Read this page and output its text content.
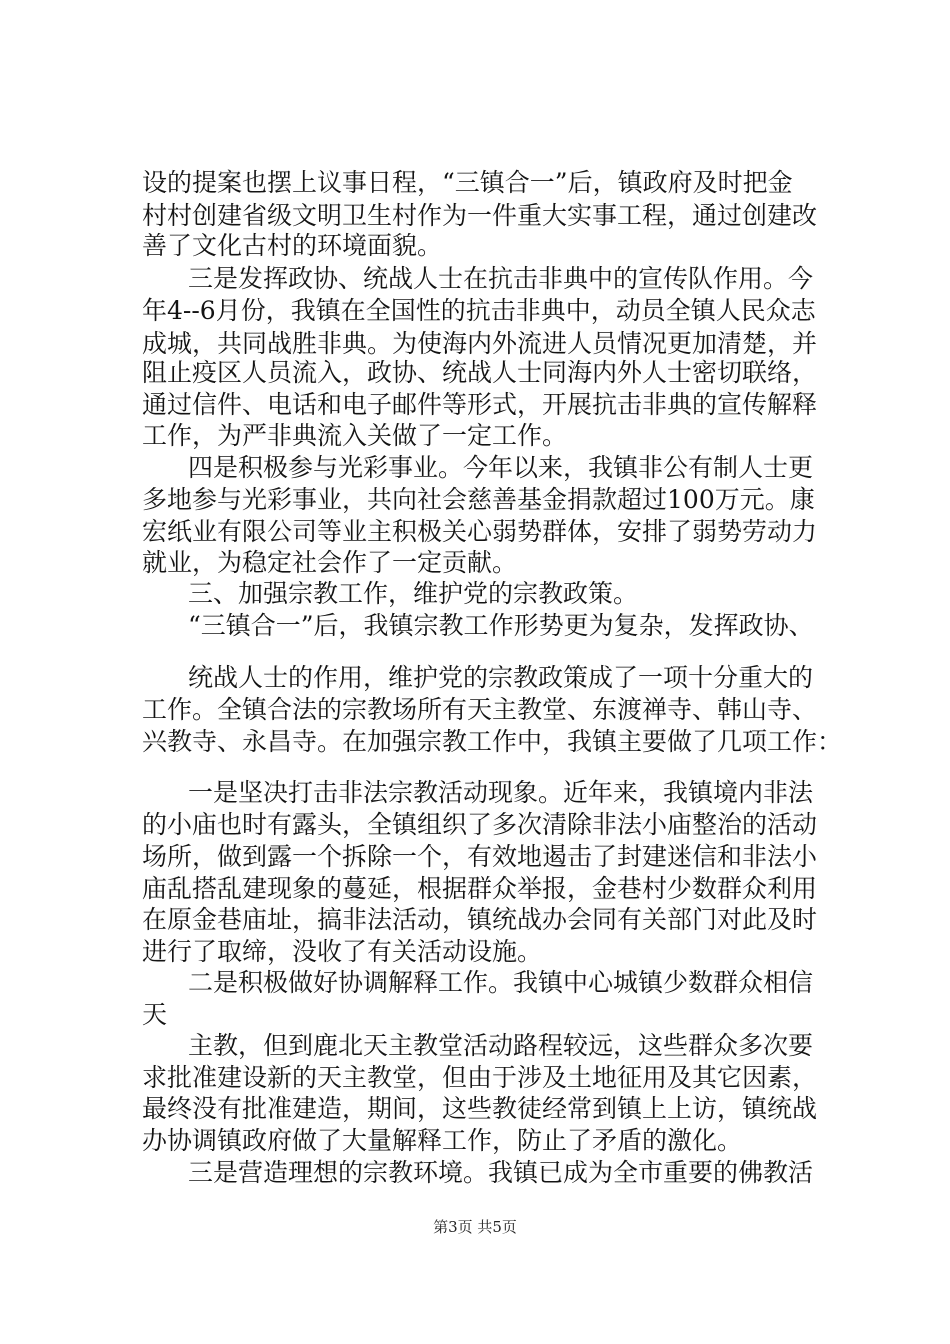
设的提案也摆上议事日程，“三镇合一”后，镇政府及时把金

村村创建省级文明卫生村作为一件重大实事工程，通过创建改

善了文化古村的环境面貌。

三是发挥政协、统战人士在抗击非典中的宣传队作用。今

年4--6月份，我镇在全国性的抗击非典中，动员全镇人民众志

成城，共同战胜非典。为使海内外流进人员情况更加清楚，并

阻止疫区人员流入，政协、统战人士同海内外人士密切联络，

通过信件、电话和电子邮件等形式，开展抗击非典的宣传解释

工作，为严非典流入关做了一定工作。

四是积极参与光彩事业。今年以来，我镇非公有制人士更

多地参与光彩事业，共向社会慈善基金捐款超过100万元。康

宏纸业有限公司等业主积极关心弱势群体，安排了弱势劳动力

就业，为稳定社会作了一定贡献。

三、加强宗教工作，维护党的宗教政策。

“三镇合一”后，我镇宗教工作形势更为复杂，发挥政协、

统战人士的作用，维护党的宗教政策成了一项十分重大的

工作。全镇合法的宗教场所有天主教堂、东渡禅寺、韩山寺、

兴教寺、永昌寺。在加强宗教工作中，我镇主要做了几项工作：

一是坚决打击非法宗教活动现象。近年来，我镇境内非法

的小庙也时有露头，全镇组织了多次清除非法小庙整治的活动

场所，做到露一个拆除一个，有效地遏击了封建迷信和非法小

庙乱搭乱建现象的蔓延，根据群众举报，金巷村少数群众利用

在原金巷庙址，搞非法活动，镇统战办会同有关部门对此及时

进行了取缔，没收了有关活动设施。

二是积极做好协调解释工作。我镇中心城镇少数群众相信

天

主教，但到鹿北天主教堂活动路程较远，这些群众多次要

求批准建设新的天主教堂，但由于涉及土地征用及其它因素，

最终没有批准建造，期间，这些教徒经常到镇上上访，镇统战

办协调镇政府做了大量解释工作，防止了矛盾的激化。

三是营造理想的宗教环境。我镇已成为全市重要的佛教活

第3页 共5页
